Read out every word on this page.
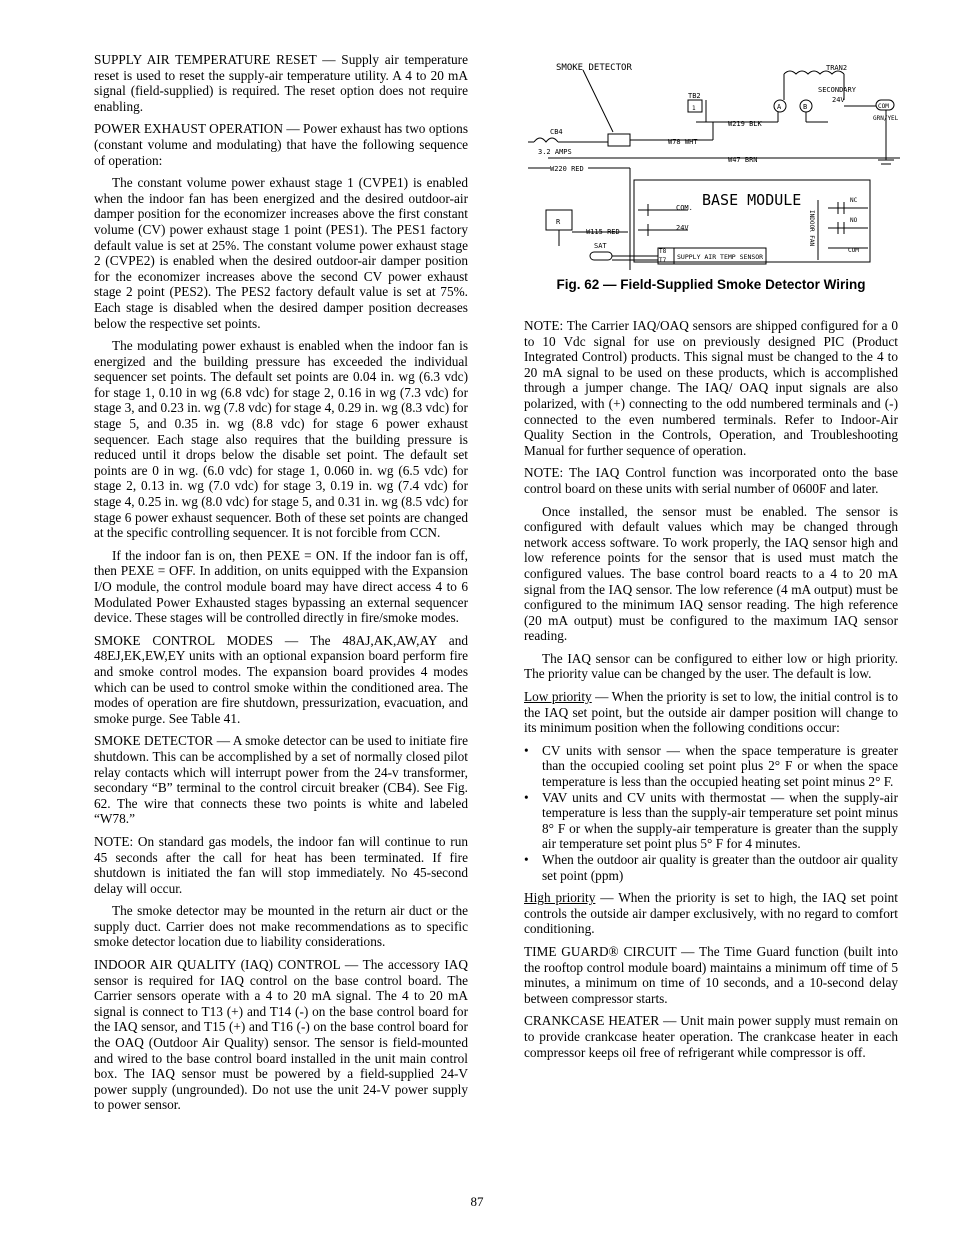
SUPPLY AIR TEMPERATURE RESET — Supply air temperature reset is used to reset the supply-air temperature utility. A 4 to 20 mA signal (field-supplied) is required. The reset option does not require enabling.

POWER EXHAUST OPERATION — Power exhaust has two options (constant volume and modulating) that have the following sequence of operation:

The constant volume power exhaust stage 1 (CVPE1) is enabled when the indoor fan has been energized and the desired outdoor-air damper position for the economizer increases above the first constant volume (CV) power exhaust stage 1 point (PES1). The PES1 factory default value is set at 25%. The constant volume power exhaust stage 2 (CVPE2) is enabled when the desired outdoor-air damper position for the economizer increases above the second CV power exhaust stage 2 point (PES2). The PES2 factory default value is set at 75%. Each stage is disabled when the desired damper position decreases below the respective set points.

The modulating power exhaust is enabled when the indoor fan is energized and the building pressure has exceeded the individual sequencer set points. The default set points are 0.04 in. wg (6.3 vdc) for stage 1, 0.10 in wg (6.8 vdc) for stage 2, 0.16 in wg (7.3 vdc) for stage 3, and 0.23 in. wg (7.8 vdc) for stage 4, 0.29 in. wg (8.3 vdc) for stage 5, and 0.35 in. wg (8.8 vdc) for stage 6 power exhaust sequencer. Each stage also requires that the building pressure is reduced until it drops below the disable set point. The default set points are 0 in wg. (6.0 vdc) for stage 1, 0.060 in. wg (6.5 vdc) for stage 2, 0.13 in. wg (7.0 vdc) for stage 3, 0.19 in. wg (7.4 vdc) for stage 4, 0.25 in. wg (8.0 vdc) for stage 5, and 0.31 in. wg (8.5 vdc) for stage 6 power exhaust sequencer. Both of these set points are changed at the specific controlling sequencer. It is not forcible from CCN.

If the indoor fan is on, then PEXE = ON. If the indoor fan is off, then PEXE = OFF. In addition, on units equipped with the Expansion I/O module, the control module board may have direct access 4 to 6 Modulated Power Exhausted stages bypassing an external sequencer device. These stages will be controlled directly in fire/smoke modes.

SMOKE CONTROL MODES — The 48AJ,AK,AW,AY and 48EJ,EK,EW,EY units with an optional expansion board perform fire and smoke control modes. The expansion board provides 4 modes which can be used to control smoke within the conditioned area. The modes of operation are fire shutdown, pressurization, evacuation, and smoke purge. See Table 41.

SMOKE DETECTOR — A smoke detector can be used to initiate fire shutdown. This can be accomplished by a set of normally closed pilot relay contacts which will interrupt power from the 24-v transformer, secondary “B” terminal to the control circuit breaker (CB4). See Fig. 62. The wire that connects these two points is white and labeled “W78.”

NOTE: On standard gas models, the indoor fan will continue to run 45 seconds after the call for heat has been terminated. If fire shutdown is initiated the fan will stop immediately. No 45-second delay will occur.

The smoke detector may be mounted in the return air duct or the supply duct. Carrier does not make recommendations as to specific smoke detector location due to liability considerations.

INDOOR AIR QUALITY (IAQ) CONTROL — The accessory IAQ sensor is required for IAQ control on the base control board. The Carrier sensors operate with a 4 to 20 mA signal. The 4 to 20 mA signal is connect to T13 (+) and T14 (-) on the base control board for the IAQ sensor, and T15 (+) and T16 (-) on the base control board for the OAQ (Outdoor Air Quality) sensor. The sensor is field-mounted and wired to the base control board installed in the unit main control box. The IAQ sensor must be powered by a field-supplied 24-V power supply (ungrounded). Do not use the unit 24-V power supply to power sensor.

SMOKE DETECTOR	TRAN2
SECONDARY
24V
TB2
1	A	B	COM
GRN/YEL
CB4
3.2 AMPS
W219 BLK
W78 WHT
W47 BRN
W220 RED
W115 RED
R
BASE MODULE
COM.
24V
SAT
T8
T7 SUPPLY AIR TEMP SENSOR
INDOOR FAN
NC
NO
COM
Fig. 62 — Field-Supplied Smoke Detector Wiring

NOTE: The Carrier IAQ/OAQ sensors are shipped configured for a 0 to 10 Vdc signal for use on previously designed PIC (Product Integrated Control) products. This signal must be changed to the 4 to 20 mA signal to be used on these products, which is accomplished through a jumper change. The IAQ/ OAQ input signals are also polarized, with (+) connecting to the odd numbered terminals and (-) connected to the even numbered terminals. Refer to Indoor-Air Quality Section in the Controls, Operation, and Troubleshooting Manual for further sequence of operation.

NOTE: The IAQ Control function was incorporated onto the base control board on these units with serial number of 0600F and later.

Once installed, the sensor must be enabled. The sensor is configured with default values which may be changed through network access software. To work properly, the IAQ sensor high and low reference points for the sensor that is used must match the configured values. The base control board reacts to a 4 to 20 mA signal from the IAQ sensor. The low reference (4 mA output) must be configured to the minimum IAQ sensor reading. The high reference (20 mA output) must be configured to the maximum IAQ sensor reading.

The IAQ sensor can be configured to either low or high priority. The priority value can be changed by the user. The default is low.

Low priority — When the priority is set to low, the initial control is to the IAQ set point, but the outside air damper position will change to its minimum position when the following conditions occur:

• CV units with sensor — when the space temperature is greater than the occupied cooling set point plus 2° F or when the space temperature is less than the occupied heating set point minus 2° F.
• VAV units and CV units with thermostat — when the supply-air temperature is less than the supply-air temperature set point minus 8° F or when the supply-air temperature is greater than the supply air temperature set point plus 5° F for 4 minutes.
• When the outdoor air quality is greater than the outdoor air quality set point (ppm)

High priority — When the priority is set to high, the IAQ set point controls the outside air damper exclusively, with no regard to comfort conditioning.

TIME GUARD® CIRCUIT — The Time Guard function (built into the rooftop control module board) maintains a minimum off time of 5 minutes, a minimum on time of 10 seconds, and a 10-second delay between compressor starts.

CRANKCASE HEATER — Unit main power supply must remain on to provide crankcase heater operation. The crankcase heater in each compressor keeps oil free of refrigerant while compressor is off.

87
